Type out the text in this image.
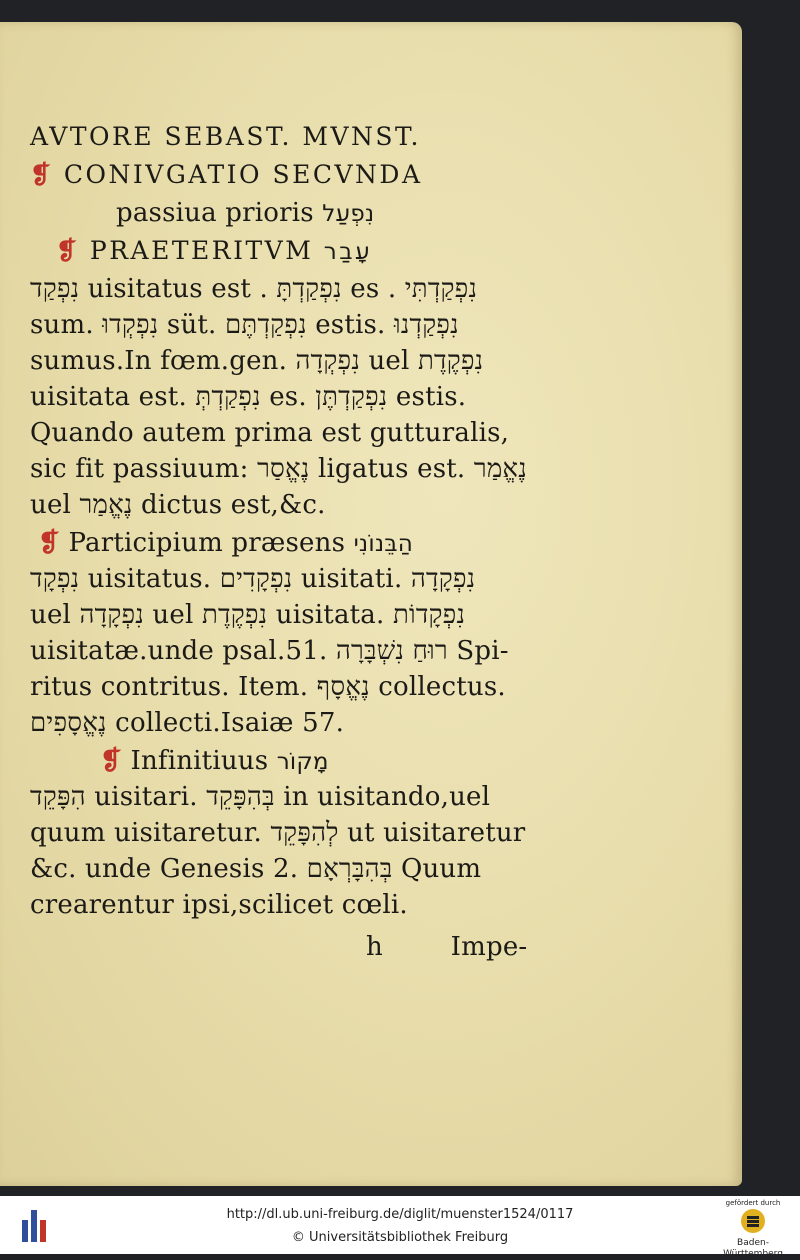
AVTORE SEBAST. MVNST.
❡ CONIVGATIO SECVNDA
passiua prioris נִפְעַל
❡ PRAETERITVM עָבַר
נִפְקַד uisitatus est . נִפְקַדְתָּ es . נִפְקַדְתִּי
sum. נִפְקְדוּ süt. נִפְקַדְתֶּם estis. נִפְקַדְנוּ
sumus.In fœm.gen. נִפְקְדָה uel נִפְקֶדֶת
uisitata est. נִפְקַדְתְּ es. נִפְקַדְתֶּן estis.
Quando autem prima est gutturalis,
sic fit passiuum: נֶאֱסַר ligatus est. נֶאֱמַר
uel נֶאֱמַר dictus est,&c.
❡ Participium præsens הַבֵּנוֹנִי
נִפְקָד uisitatus. נִפְקָדִים uisitati. נִפְקָדָה
uel נִפְקָדָה uel נִפְקֶדֶת uisitata. נִפְקָדוֹת
uisitatæ.unde psal.51. רוּחַ נִשְׁבָּרָה Spi-
ritus contritus. Item. נֶאֱסָף collectus.
נֶאֱסָפִים collecti.Isaiæ 57.
❡ Infinitiuus מָקוֹר
הִפָּקֵד uisitari. בְּהִפָּקֵד in uisitando,uel
quum uisitaretur. לְהִפָּקֵד ut uisitaretur
&c. unde Genesis 2. בְּהִבָּרְאָם Quum
crearentur ipsi,scilicet cœli.
h        Impe-
http://dl.ub.uni-freiburg.de/diglit/muenster1524/0117
© Universitätsbibliothek Freiburg
gefördert durch
Baden-Württemberg
